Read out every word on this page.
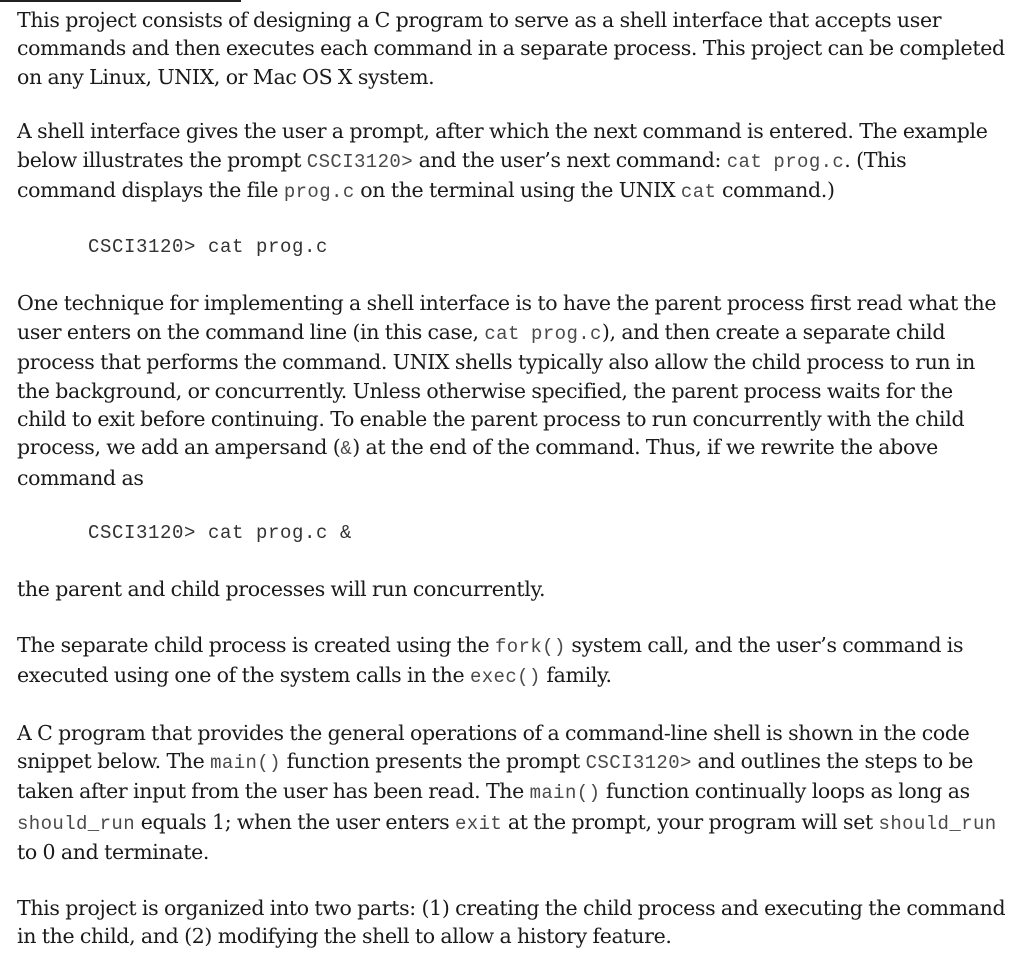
This project consists of designing a C program to serve as a shell interface that accepts user commands and then executes each command in a separate process. This project can be completed on any Linux, UNIX, or Mac OS X system.

A shell interface gives the user a prompt, after which the next command is entered. The example below illustrates the prompt CSCI3120> and the user’s next command: cat prog.c. (This command displays the file prog.c on the terminal using the UNIX cat command.)

CSCI3120> cat prog.c

One technique for implementing a shell interface is to have the parent process first read what the user enters on the command line (in this case, cat prog.c), and then create a separate child process that performs the command. UNIX shells typically also allow the child process to run in the background, or concurrently. Unless otherwise specified, the parent process waits for the child to exit before continuing. To enable the parent process to run concurrently with the child process, we add an ampersand (&) at the end of the command. Thus, if we rewrite the above command as

CSCI3120> cat prog.c &

the parent and child processes will run concurrently.

The separate child process is created using the fork() system call, and the user’s command is executed using one of the system calls in the exec() family.

A C program that provides the general operations of a command-line shell is shown in the code snippet below. The main() function presents the prompt CSCI3120> and outlines the steps to be taken after input from the user has been read. The main() function continually loops as long as should_run equals 1; when the user enters exit at the prompt, your program will set should_run to 0 and terminate.

This project is organized into two parts: (1) creating the child process and executing the command in the child, and (2) modifying the shell to allow a history feature.
